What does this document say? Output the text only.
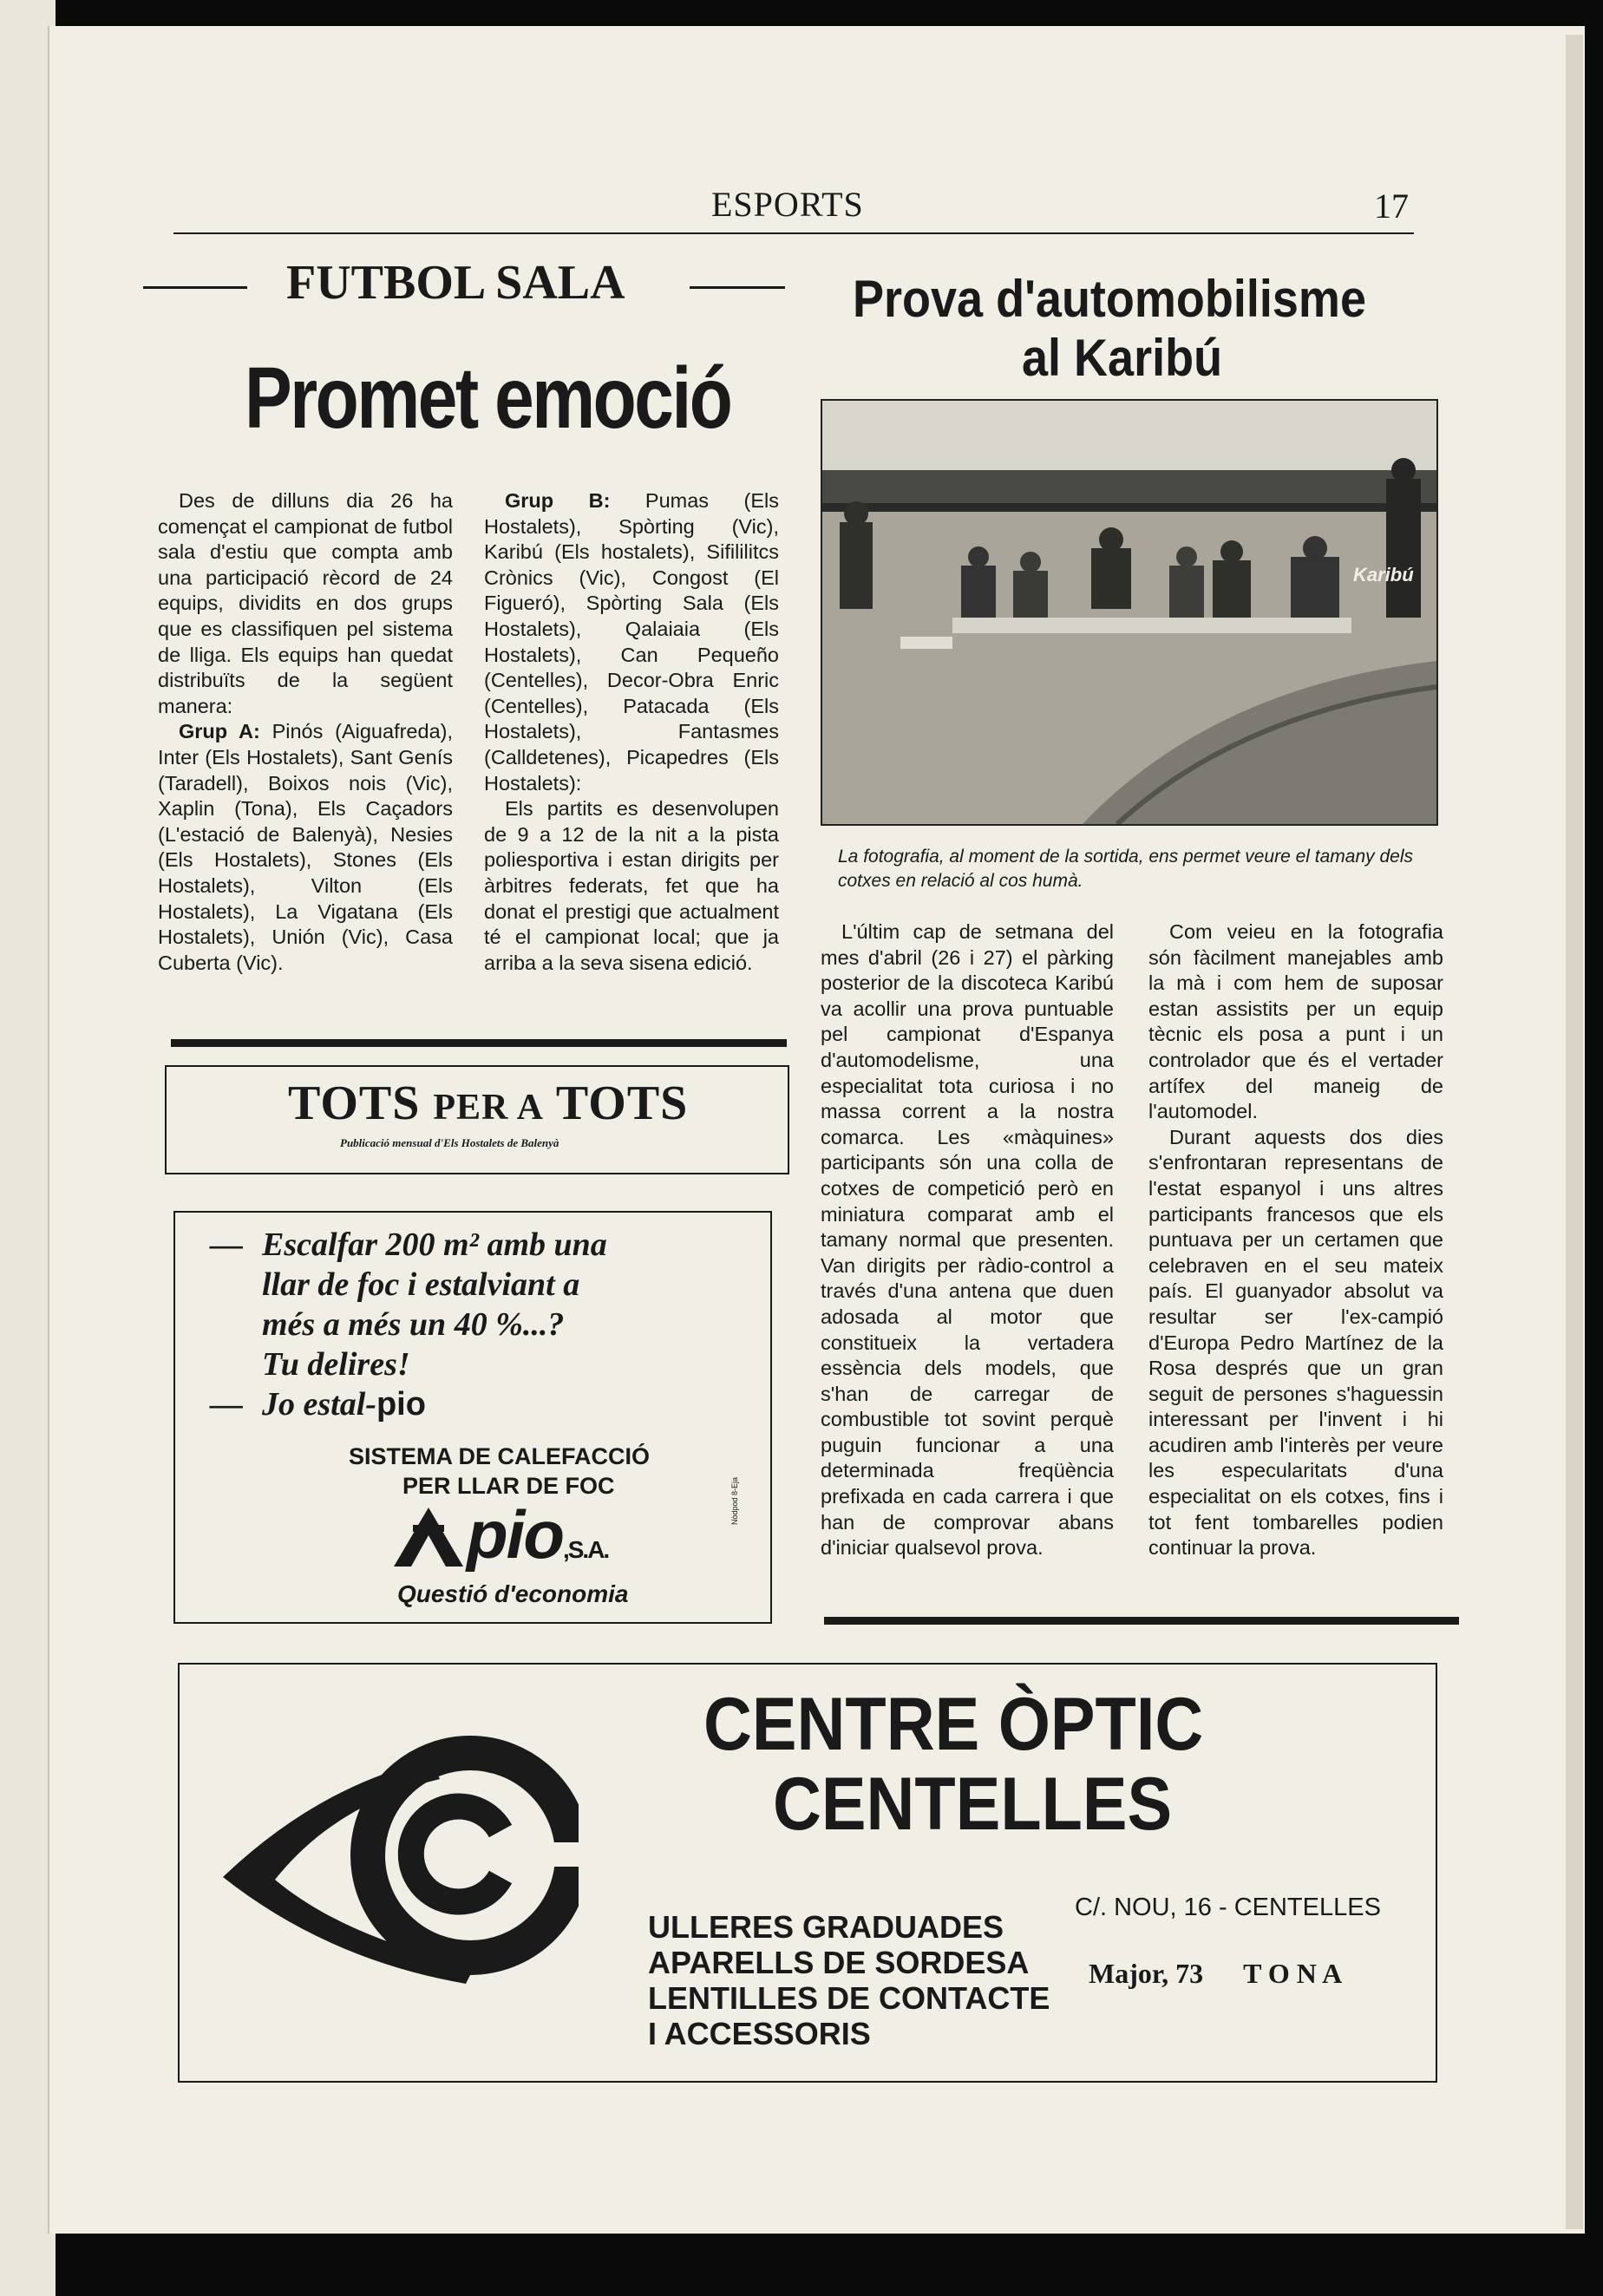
ESPORTS	17
FUTBOL SALA
Promet emoció

Des de dilluns dia 26 ha començat el campionat de futbol sala d'estiu que compta amb una participació rècord de 24 equips, dividits en dos grups que es classifiquen pel sistema de lliga. Els equips han quedat distribuïts de la següent manera:

Grup A: Pinós (Aiguafreda), Inter (Els Hostalets), Sant Genís (Taradell), Boixos nois (Vic), Xaplin (Tona), Els Caçadors (L'estació de Balenyà), Nesies (Els Hostalets), Stones (Els Hostalets), Vilton (Els Hostalets), La Vigatana (Els Hostalets), Unión (Vic), Casa Cuberta (Vic).

Grup B: Pumas (Els Hostalets), Spòrting (Vic), Karibú (Els hostalets), Sifililitcs Crònics (Vic), Congost (El Figueró), Spòrting Sala (Els Hostalets), Qalaiaia (Els Hostalets), Can Pequeño (Centelles), Decor-Obra Enric (Centelles), Patacada (Els Hostalets), Fantasmes (Calldetenes), Picapedres (Els Hostalets):

Els partits es desenvolupen de 9 a 12 de la nit a la pista poliesportiva i estan dirigits per àrbitres federats, fet que ha donat el prestigi que actualment té el campionat local; que ja arriba a la seva sisena edició.

TOTS PER A TOTS
Publicació mensual d'Els Hostalets de Balenyà
— Escalfar 200 m² amb una
llar de foc i estalviant a
més a més un 40 %...?
Tu delires!
— Jo estal-pio
SISTEMA DE CALEFACCIÓ
PER LLAR DE FOC
pio,S.A.
Questió d'economia
Nòdpod 8-Eja
Prova d'automobilisme
al Karibú
Karibú
La fotografia, al moment de la sortida, ens permet veure el tamany dels cotxes en relació al cos humà.

L'últim cap de setmana del mes d'abril (26 i 27) el pàrking posterior de la discoteca Karibú va acollir una prova puntuable pel campionat d'Espanya d'automodelisme, una especialitat tota curiosa i no massa corrent a la nostra comarca. Les «màquines» participants són una colla de cotxes de competició però en miniatura comparat amb el tamany normal que presenten. Van dirigits per ràdio-control a través d'una antena que duen adosada al motor que constitueix la vertadera essència dels models, que s'han de carregar de combustible tot sovint perquè puguin funcionar a una determinada freqüència prefixada en cada carrera i que han de comprovar abans d'iniciar qualsevol prova.

Com veieu en la fotografia són fàcilment manejables amb la mà i com hem de suposar estan assistits per un equip tècnic els posa a punt i un controlador que és el vertader artífex del maneig de l'automodel.

Durant aquests dos dies s'enfrontaran representans de l'estat espanyol i uns altres participants francesos que els puntuava per un certamen que celebraven en el seu mateix país. El guanyador absolut va resultar ser l'ex-campió d'Europa Pedro Martínez de la Rosa després que un gran seguit de persones s'haguessin interessant per l'invent i hi acudiren amb l'interès per veure les especularitats d'una especialitat on els cotxes, fins i tot fent tombarelles podien continuar la prova.

CENTRE ÒPTIC
CENTELLES
ULLERES GRADUADES
APARELLS DE SORDESA
LENTILLES DE CONTACTE
I ACCESSORIS
C/. NOU, 16 - CENTELLES
Major, 73 T O N A
